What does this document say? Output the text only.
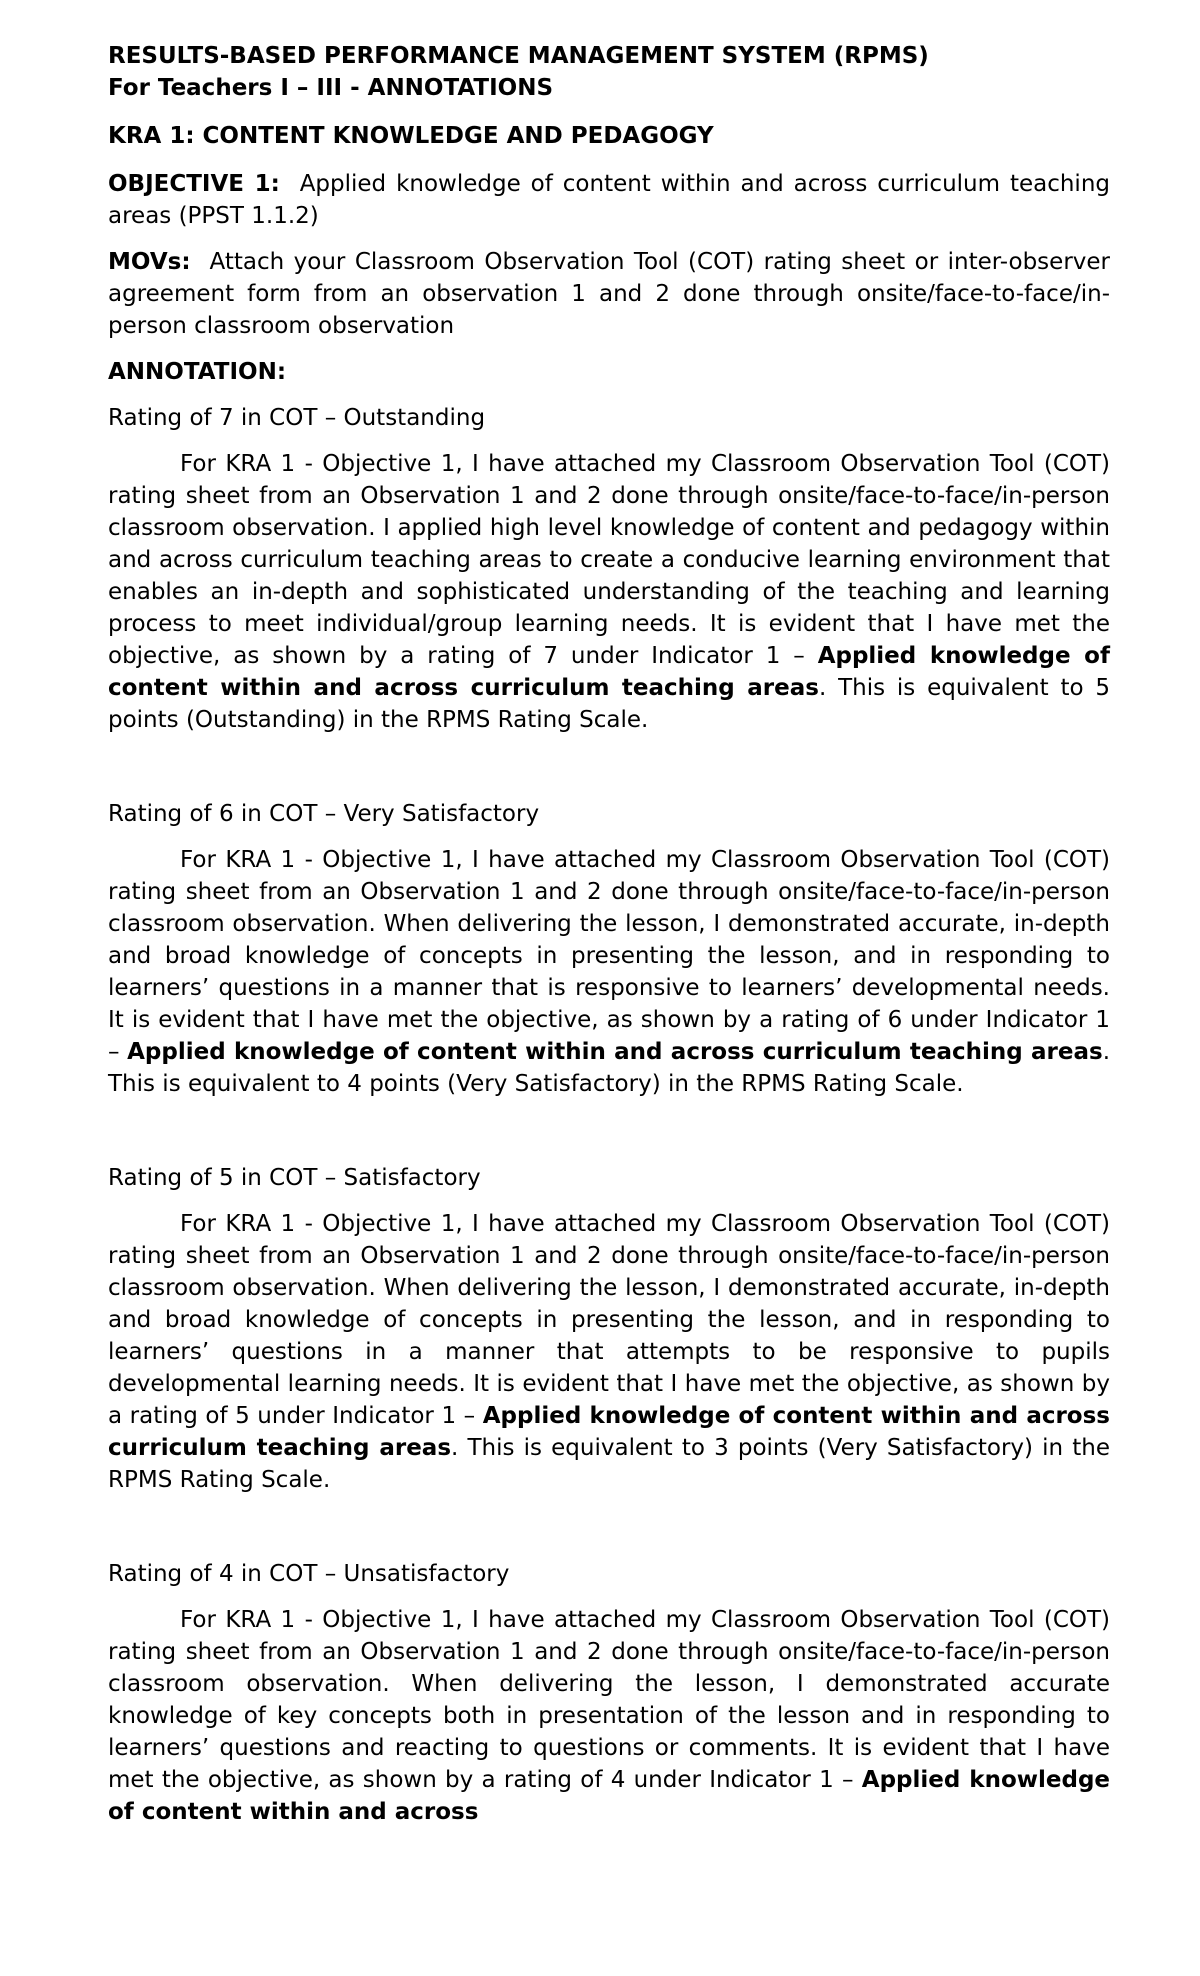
RESULTS-BASED PERFORMANCE MANAGEMENT SYSTEM (RPMS)

For Teachers I – III - ANNOTATIONS

KRA 1: CONTENT KNOWLEDGE AND PEDAGOGY

OBJECTIVE 1: Applied knowledge of content within and across curriculum teaching areas (PPST 1.1.2)

MOVs: Attach your Classroom Observation Tool (COT) rating sheet or inter-observer agreement form from an observation 1 and 2 done through onsite/face-to-face/in-person classroom observation

ANNOTATION:

Rating of 7 in COT – Outstanding

For KRA 1 - Objective 1, I have attached my Classroom Observation Tool (COT) rating sheet from an Observation 1 and 2 done through onsite/face-to-face/in-person classroom observation. I applied high level knowledge of content and pedagogy within and across curriculum teaching areas to create a conducive learning environment that enables an in-depth and sophisticated understanding of the teaching and learning process to meet individual/group learning needs. It is evident that I have met the objective, as shown by a rating of 7 under Indicator 1 – Applied knowledge of content within and across curriculum teaching areas. This is equivalent to 5 points (Outstanding) in the RPMS Rating Scale.

Rating of 6 in COT – Very Satisfactory

For KRA 1 - Objective 1, I have attached my Classroom Observation Tool (COT) rating sheet from an Observation 1 and 2 done through onsite/face-to-face/in-person classroom observation. When delivering the lesson, I demonstrated accurate, in-depth and broad knowledge of concepts in presenting the lesson, and in responding to learners’ questions in a manner that is responsive to learners’ developmental needs. It is evident that I have met the objective, as shown by a rating of 6 under Indicator 1 – Applied knowledge of content within and across curriculum teaching areas. This is equivalent to 4 points (Very Satisfactory) in the RPMS Rating Scale.

Rating of 5 in COT – Satisfactory

For KRA 1 - Objective 1, I have attached my Classroom Observation Tool (COT) rating sheet from an Observation 1 and 2 done through onsite/face-to-face/in-person classroom observation. When delivering the lesson, I demonstrated accurate, in-depth and broad knowledge of concepts in presenting the lesson, and in responding to learners’ questions in a manner that attempts to be responsive to pupils developmental learning needs. It is evident that I have met the objective, as shown by a rating of 5 under Indicator 1 – Applied knowledge of content within and across curriculum teaching areas. This is equivalent to 3 points (Very Satisfactory) in the RPMS Rating Scale.

Rating of 4 in COT – Unsatisfactory

For KRA 1 - Objective 1, I have attached my Classroom Observation Tool (COT) rating sheet from an Observation 1 and 2 done through onsite/face-to-face/in-person classroom observation. When delivering the lesson, I demonstrated accurate knowledge of key concepts both in presentation of the lesson and in responding to learners’ questions and reacting to questions or comments. It is evident that I have met the objective, as shown by a rating of 4 under Indicator 1 – Applied knowledge of content within and across
